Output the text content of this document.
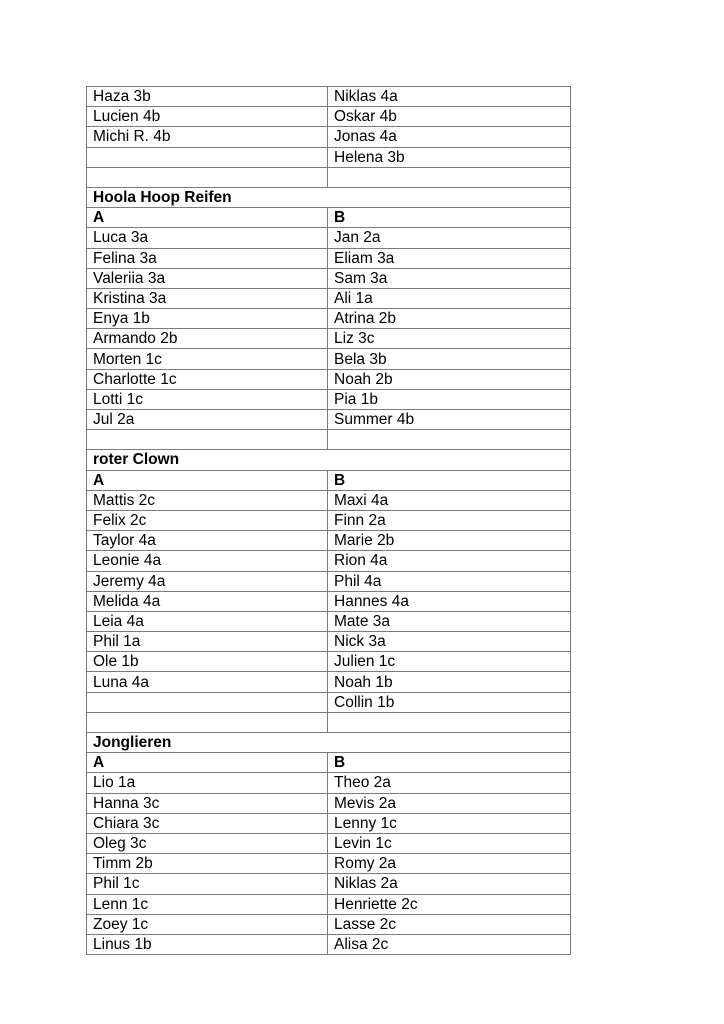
Haza 3b	Niklas 4a
Lucien 4b	Oskar 4b
Michi R. 4b	Jonas 4a
	Helena 3b

Hoola Hoop Reifen	
A	B
Luca 3a	Jan 2a
Felina 3a	Eliam 3a
Valeriia 3a	Sam 3a
Kristina 3a	Ali 1a
Enya 1b	Atrina 2b
Armando 2b	Liz 3c
Morten 1c	Bela 3b
Charlotte 1c	Noah 2b
Lotti 1c	Pia 1b
Jul 2a	Summer 4b

roter Clown	
A	B
Mattis 2c	Maxi 4a
Felix 2c	Finn 2a
Taylor 4a	Marie 2b
Leonie 4a	Rion 4a
Jeremy 4a	Phil 4a
Melida 4a	Hannes 4a
Leia 4a	Mate 3a
Phil 1a	Nick 3a
Ole 1b	Julien 1c
Luna 4a	Noah 1b
	Collin 1b

Jonglieren	
A	B
Lio 1a	Theo 2a
Hanna 3c	Mevis 2a
Chiara 3c	Lenny 1c
Oleg 3c	Levin 1c
Timm 2b	Romy 2a
Phil 1c	Niklas 2a
Lenn 1c	Henriette 2c
Zoey 1c	Lasse 2c
Linus 1b	Alisa 2c
